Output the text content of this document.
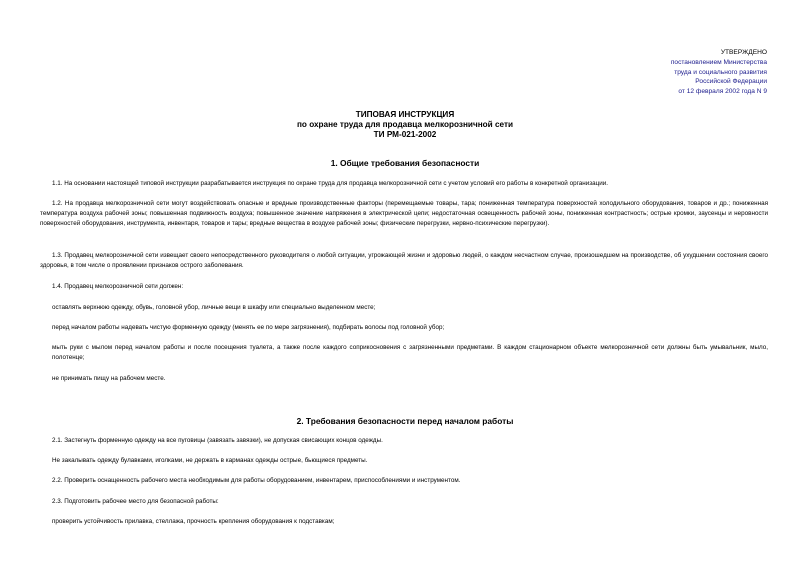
УТВЕРЖДЕНО
постановлением Министерства
труда и социального развития
Российской Федерации
от 12 февраля 2002 года N 9
ТИПОВАЯ ИНСТРУКЦИЯ
по охране труда для продавца мелкорозничной сети
ТИ РМ-021-2002
1. Общие требования безопасности
1.1. На основании настоящей типовой инструкции разрабатывается инструкция по охране труда для продавца мелкорозничной сети с учетом условий его работы в конкретной организации.
1.2. На продавца мелкорозничной сети могут воздействовать опасные и вредные производственные факторы (перемещаемые товары, тара; пониженная температура поверхностей холодильного оборудования, товаров и др.; пониженная температура воздуха рабочей зоны; повышенная подвижность воздуха; повышенное значение напряжения в электрической цепи; недостаточная освещенность рабочей зоны, пониженная контрастность; острые кромки, заусенцы и неровности поверхностей оборудования, инструмента, инвентаря, товаров и тары; вредные вещества в воздухе рабочей зоны; физические перегрузки, нервно-психические перегрузки).
1.3. Продавец мелкорозничной сети извещает своего непосредственного руководителя о любой ситуации, угрожающей жизни и здоровью людей, о каждом несчастном случае, произошедшем на производстве, об ухудшении состояния своего здоровья, в том числе о проявлении признаков острого заболевания.
1.4. Продавец мелкорозничной сети должен:
оставлять верхнюю одежду, обувь, головной убор, личные вещи в шкафу или специально выделенном месте;
перед началом работы надевать чистую форменную одежду (менять ее по мере загрязнения), подбирать волосы под головной убор;
мыть руки с мылом перед началом работы и после посещения туалета, а также после каждого соприкосновения с загрязненными предметами. В каждом стационарном объекте мелкорозничной сети должны быть умывальник, мыло, полотенце;
не принимать пищу на рабочем месте.
2. Требования безопасности перед началом работы
2.1. Застегнуть форменную одежду на все пуговицы (завязать завязки), не допуская свисающих концов одежды.
Не закалывать одежду булавками, иголками, не держать в карманах одежды острые, бьющиеся предметы.
2.2. Проверить оснащенность рабочего места необходимым для работы оборудованием, инвентарем, приспособлениями и инструментом.
2.3. Подготовить рабочее место для безопасной работы:
проверить устойчивость прилавка, стеллажа, прочность крепления оборудования к подставкам;
